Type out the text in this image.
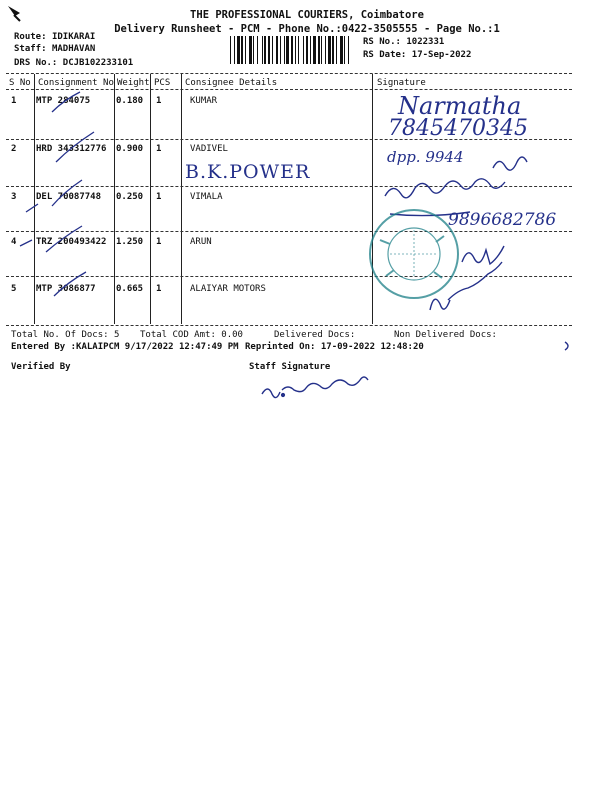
THE PROFESSIONAL COURIERS, Coimbatore
Delivery Runsheet - PCM - Phone No.:0422-3505555 - Page No.:1
Route: IDIKARAI
Staff: MADHAVAN
DRS No.: DCJB102233101
RS No.: 1022331
RS Date: 17-Sep-2022
S No Consignment No Weight PCS Consignee Details	Signature
1 MTP 284075	0.180 1	KUMAR
2 HRD 343312776 0.900 1	VADIVEL
3 DEL 70087748 0.250 1	VIMALA
4 TRZ 200493422 1.250 1	ARUN
5 MTP 3086877 0.665 1	ALAIYAR MOTORS
Narmatha
7845470345
dpp. 9944
B.K.POWER
9896682786
Total No. Of Docs: 5 Total COD Amt: 0.00	Delivered Docs:	Non Delivered Docs:
Entered By :KALAIPCM 9/17/2022 12:47:49 PM Reprinted On: 17-09-2022 12:48:20
Verified By	Staff Signature
